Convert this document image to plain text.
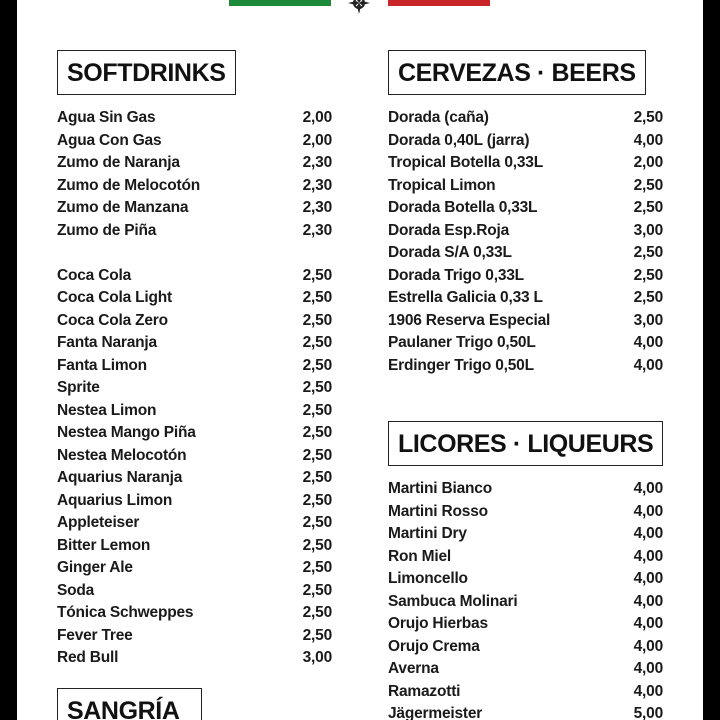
SOFTDRINKS
Agua Sin Gas	2,00
Agua Con Gas	2,00
Zumo de Naranja	2,30
Zumo de Melocotón	2,30
Zumo de Manzana	2,30
Zumo de Piña	2,30
Coca Cola	2,50
Coca Cola Light	2,50
Coca Cola Zero	2,50
Fanta Naranja	2,50
Fanta Limon	2,50
Sprite	2,50
Nestea Limon	2,50
Nestea Mango Piña	2,50
Nestea Melocotón	2,50
Aquarius Naranja	2,50
Aquarius Limon	2,50
Appleteiser	2,50
Bitter Lemon	2,50
Ginger Ale	2,50
Soda	2,50
Tónica Schweppes	2,50
Fever Tree	2,50
Red Bull	3,00
SANGRÍA
CERVEZAS · BEERS
Dorada (caña)	2,50
Dorada 0,40L (jarra)	4,00
Tropical Botella 0,33L	2,00
Tropical Limon	2,50
Dorada Botella 0,33L	2,50
Dorada Esp.Roja	3,00
Dorada S/A 0,33L	2,50
Dorada Trigo 0,33L	2,50
Estrella Galicia 0,33 L	2,50
1906 Reserva Especial	3,00
Paulaner Trigo 0,50L	4,00
Erdinger Trigo 0,50L	4,00
LICORES · LIQUEURS
Martini Bianco	4,00
Martini Rosso	4,00
Martini Dry	4,00
Ron Miel	4,00
Limoncello	4,00
Sambuca Molinari	4,00
Orujo Hierbas	4,00
Orujo Crema	4,00
Averna	4,00
Ramazotti	4,00
Jägermeister	5,00
